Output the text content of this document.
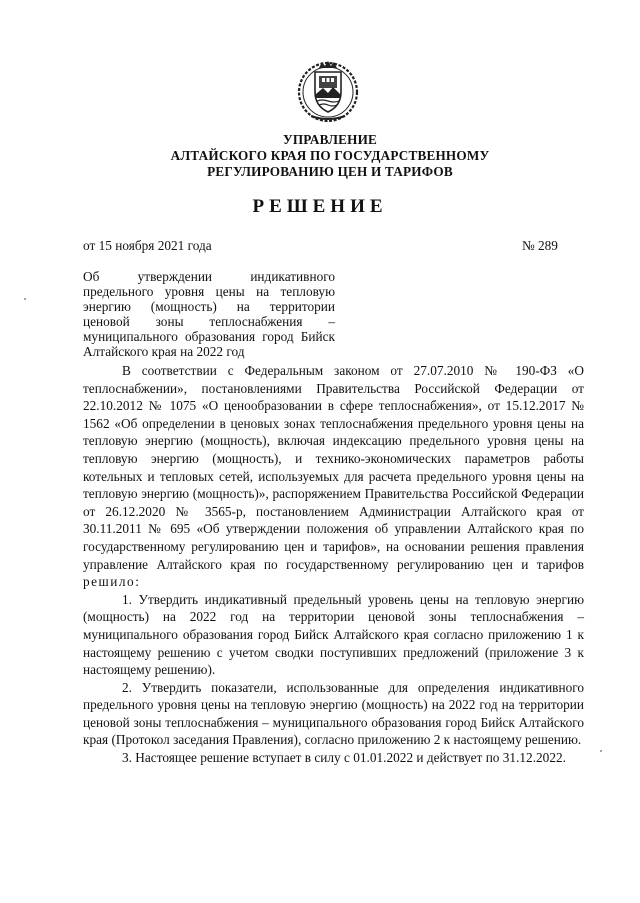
УПРАВЛЕНИЕ
АЛТАЙСКОГО КРАЯ ПО ГОСУДАРСТВЕННОМУ
РЕГУЛИРОВАНИЮ ЦЕН И ТАРИФОВ
РЕШЕНИЕ
от 15 ноября 2021 года	№ 289
Об утверждении индикативного предельного уровня цены на тепловую энергию (мощность) на территории ценовой зоны теплоснабжения – муниципального образования город Бийск Алтайского края на 2022 год

В соответствии с Федеральным законом от 27.07.2010 № 190-ФЗ «О теплоснабжении», постановлениями Правительства Российской Федерации от 22.10.2012 № 1075 «О ценообразовании в сфере теплоснабжения», от 15.12.2017 № 1562 «Об определении в ценовых зонах теплоснабжения предельного уровня цены на тепловую энергию (мощность), включая индексацию предельного уровня цены на тепловую энергию (мощность), и технико-экономических параметров работы котельных и тепловых сетей, используемых для расчета предельного уровня цены на тепловую энергию (мощность)», распоряжением Правительства Российской Федерации от 26.12.2020 № 3565-р, постановлением Администрации Алтайского края от 30.11.2011 № 695 «Об утверждении положения об управлении Алтайского края по государственному регулированию цен и тарифов», на основании решения правления управление Алтайского края по государственному регулированию цен и тарифов решило:

1. Утвердить индикативный предельный уровень цены на тепловую энергию (мощность) на 2022 год на территории ценовой зоны теплоснабжения – муниципального образования город Бийск Алтайского края согласно приложению 1 к настоящему решению с учетом сводки поступивших предложений (приложение 3 к настоящему решению).

2. Утвердить показатели, использованные для определения индикативного предельного уровня цены на тепловую энергию (мощность) на 2022 год на территории ценовой зоны теплоснабжения – муниципального образования город Бийск Алтайского края (Протокол заседания Правления), согласно приложению 2 к настоящему решению.

3. Настоящее решение вступает в силу с 01.01.2022 и действует по 31.12.2022.
